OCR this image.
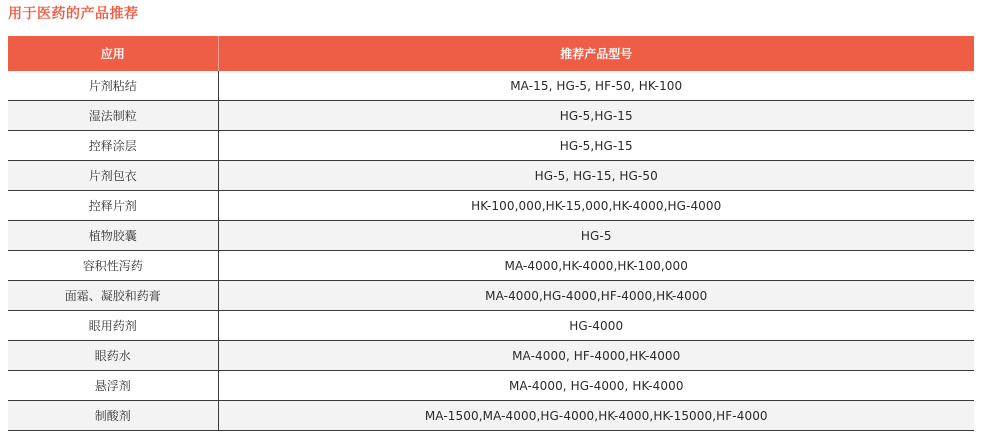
用于医药的产品推荐
应用	推荐产品型号
片剂粘结	MA-15, HG-5, HF-50, HK-100
湿法制粒	HG-5,HG-15
控释涂层	HG-5,HG-15
片剂包衣	HG-5, HG-15, HG-50
控释片剂	HK-100,000,HK-15,000,HK-4000,HG-4000
植物胶囊	HG-5
容积性泻药	MA-4000,HK-4000,HK-100,000
面霜、凝胶和药膏	MA-4000,HG-4000,HF-4000,HK-4000
眼用药剂	HG-4000
眼药水	MA-4000, HF-4000,HK-4000
悬浮剂	MA-4000, HG-4000, HK-4000
制酸剂	MA-1500,MA-4000,HG-4000,HK-4000,HK-15000,HF-4000
